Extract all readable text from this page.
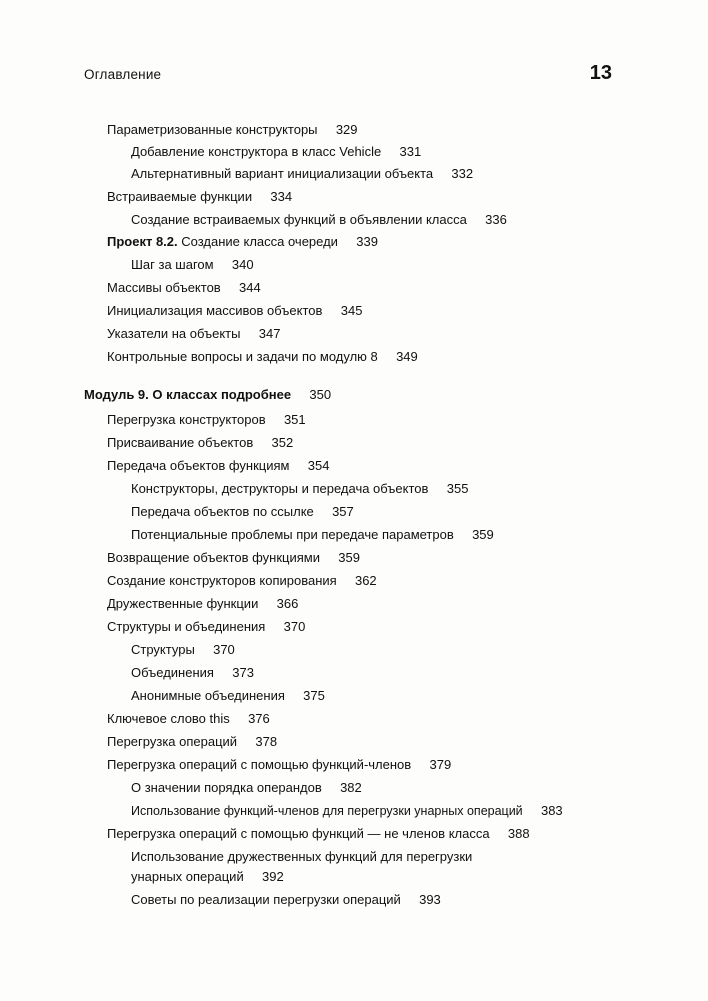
Оглавление	13
Параметризованные конструкторы	329
Добавление конструктора в класс Vehicle	331
Альтернативный вариант инициализации объекта	332
Встраиваемые функции	334
Создание встраиваемых функций в объявлении класса	336
Проект 8.2. Создание класса очереди	339
Шаг за шагом	340
Массивы объектов	344
Инициализация массивов объектов	345
Указатели на объекты	347
Контрольные вопросы и задачи по модулю 8	349
Модуль 9. О классах подробнее	350
Перегрузка конструкторов	351
Присваивание объектов	352
Передача объектов функциям	354
Конструкторы, деструкторы и передача объектов	355
Передача объектов по ссылке	357
Потенциальные проблемы при передаче параметров	359
Возвращение объектов функциями	359
Создание конструкторов копирования	362
Дружественные функции	366
Структуры и объединения	370
Структуры	370
Объединения	373
Анонимные объединения	375
Ключевое слово this	376
Перегрузка операций	378
Перегрузка операций с помощью функций-членов	379
О значении порядка операндов	382
Использование функций-членов для перегрузки унарных операций	383
Перегрузка операций с помощью функций — не членов класса	388
Использование дружественных функций для перегрузки
унарных операций	392
Советы по реализации перегрузки операций	393
